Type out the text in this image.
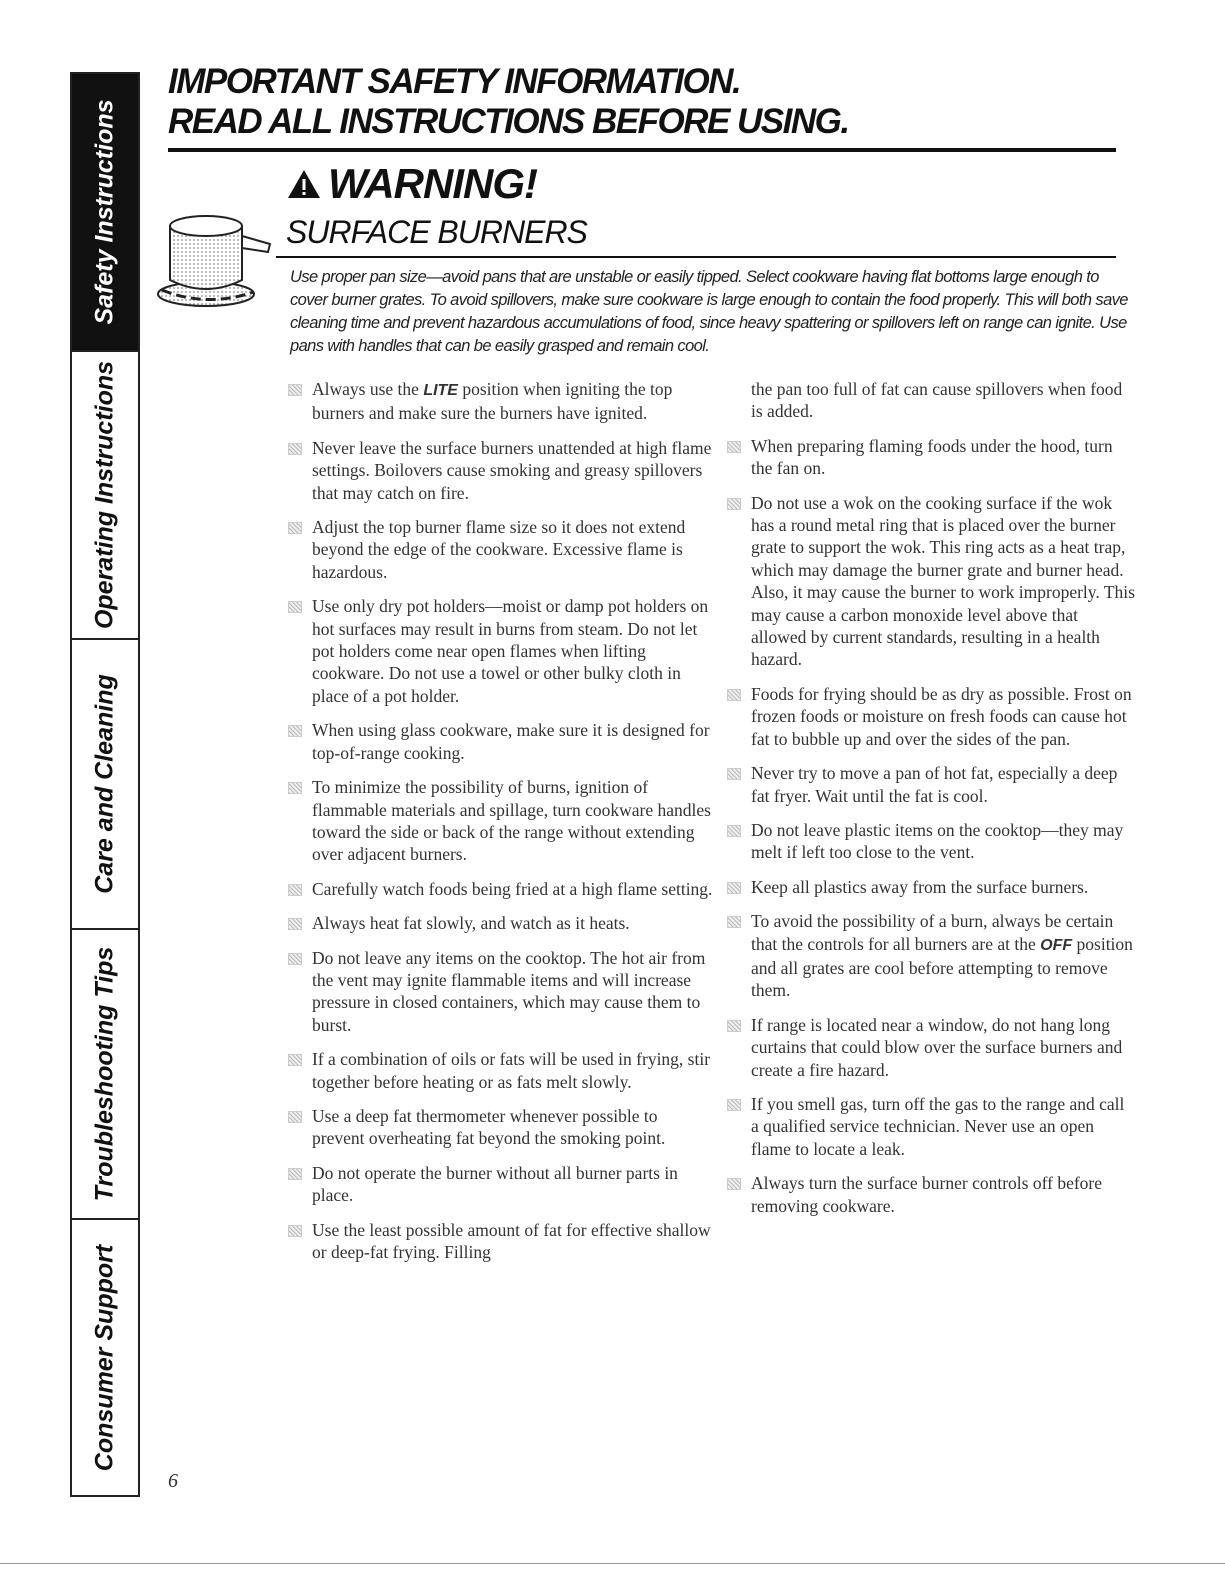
Safety Instructions
Operating Instructions
Care and Cleaning
Troubleshooting Tips
Consumer Support
IMPORTANT SAFETY INFORMATION.
READ ALL INSTRUCTIONS BEFORE USING.
WARNING!
SURFACE BURNERS

Use proper pan size—avoid pans that are unstable or easily tipped. Select cookware having flat bottoms large enough to cover burner grates. To avoid spillovers, make sure cookware is large enough to contain the food properly. This will both save cleaning time and prevent hazardous accumulations of food, since heavy spattering or spillovers left on range can ignite. Use pans with handles that can be easily grasped and remain cool.

Always use the LITE position when igniting the top burners and make sure the burners have ignited.
Never leave the surface burners unattended at high flame settings. Boilovers cause smoking and greasy spillovers that may catch on fire.
Adjust the top burner flame size so it does not extend beyond the edge of the cookware. Excessive flame is hazardous.
Use only dry pot holders—moist or damp pot holders on hot surfaces may result in burns from steam. Do not let pot holders come near open flames when lifting cookware. Do not use a towel or other bulky cloth in place of a pot holder.
When using glass cookware, make sure it is designed for top-of-range cooking.
To minimize the possibility of burns, ignition of flammable materials and spillage, turn cookware handles toward the side or back of the range without extending over adjacent burners.
Carefully watch foods being fried at a high flame setting.
Always heat fat slowly, and watch as it heats.
Do not leave any items on the cooktop. The hot air from the vent may ignite flammable items and will increase pressure in closed containers, which may cause them to burst.
If a combination of oils or fats will be used in frying, stir together before heating or as fats melt slowly.
Use a deep fat thermometer whenever possible to prevent overheating fat beyond the smoking point.
Do not operate the burner without all burner parts in place.
Use the least possible amount of fat for effective shallow or deep-fat frying. Filling
the pan too full of fat can cause spillovers when food is added.
When preparing flaming foods under the hood, turn the fan on.
Do not use a wok on the cooking surface if the wok has a round metal ring that is placed over the burner grate to support the wok. This ring acts as a heat trap, which may damage the burner grate and burner head. Also, it may cause the burner to work improperly. This may cause a carbon monoxide level above that allowed by current standards, resulting in a health hazard.
Foods for frying should be as dry as possible. Frost on frozen foods or moisture on fresh foods can cause hot fat to bubble up and over the sides of the pan.
Never try to move a pan of hot fat, especially a deep fat fryer. Wait until the fat is cool.
Do not leave plastic items on the cooktop—they may melt if left too close to the vent.
Keep all plastics away from the surface burners.
To avoid the possibility of a burn, always be certain that the controls for all burners are at the OFF position and all grates are cool before attempting to remove them.
If range is located near a window, do not hang long curtains that could blow over the surface burners and create a fire hazard.
If you smell gas, turn off the gas to the range and call a qualified service technician. Never use an open flame to locate a leak.
Always turn the surface burner controls off before removing cookware.
6
